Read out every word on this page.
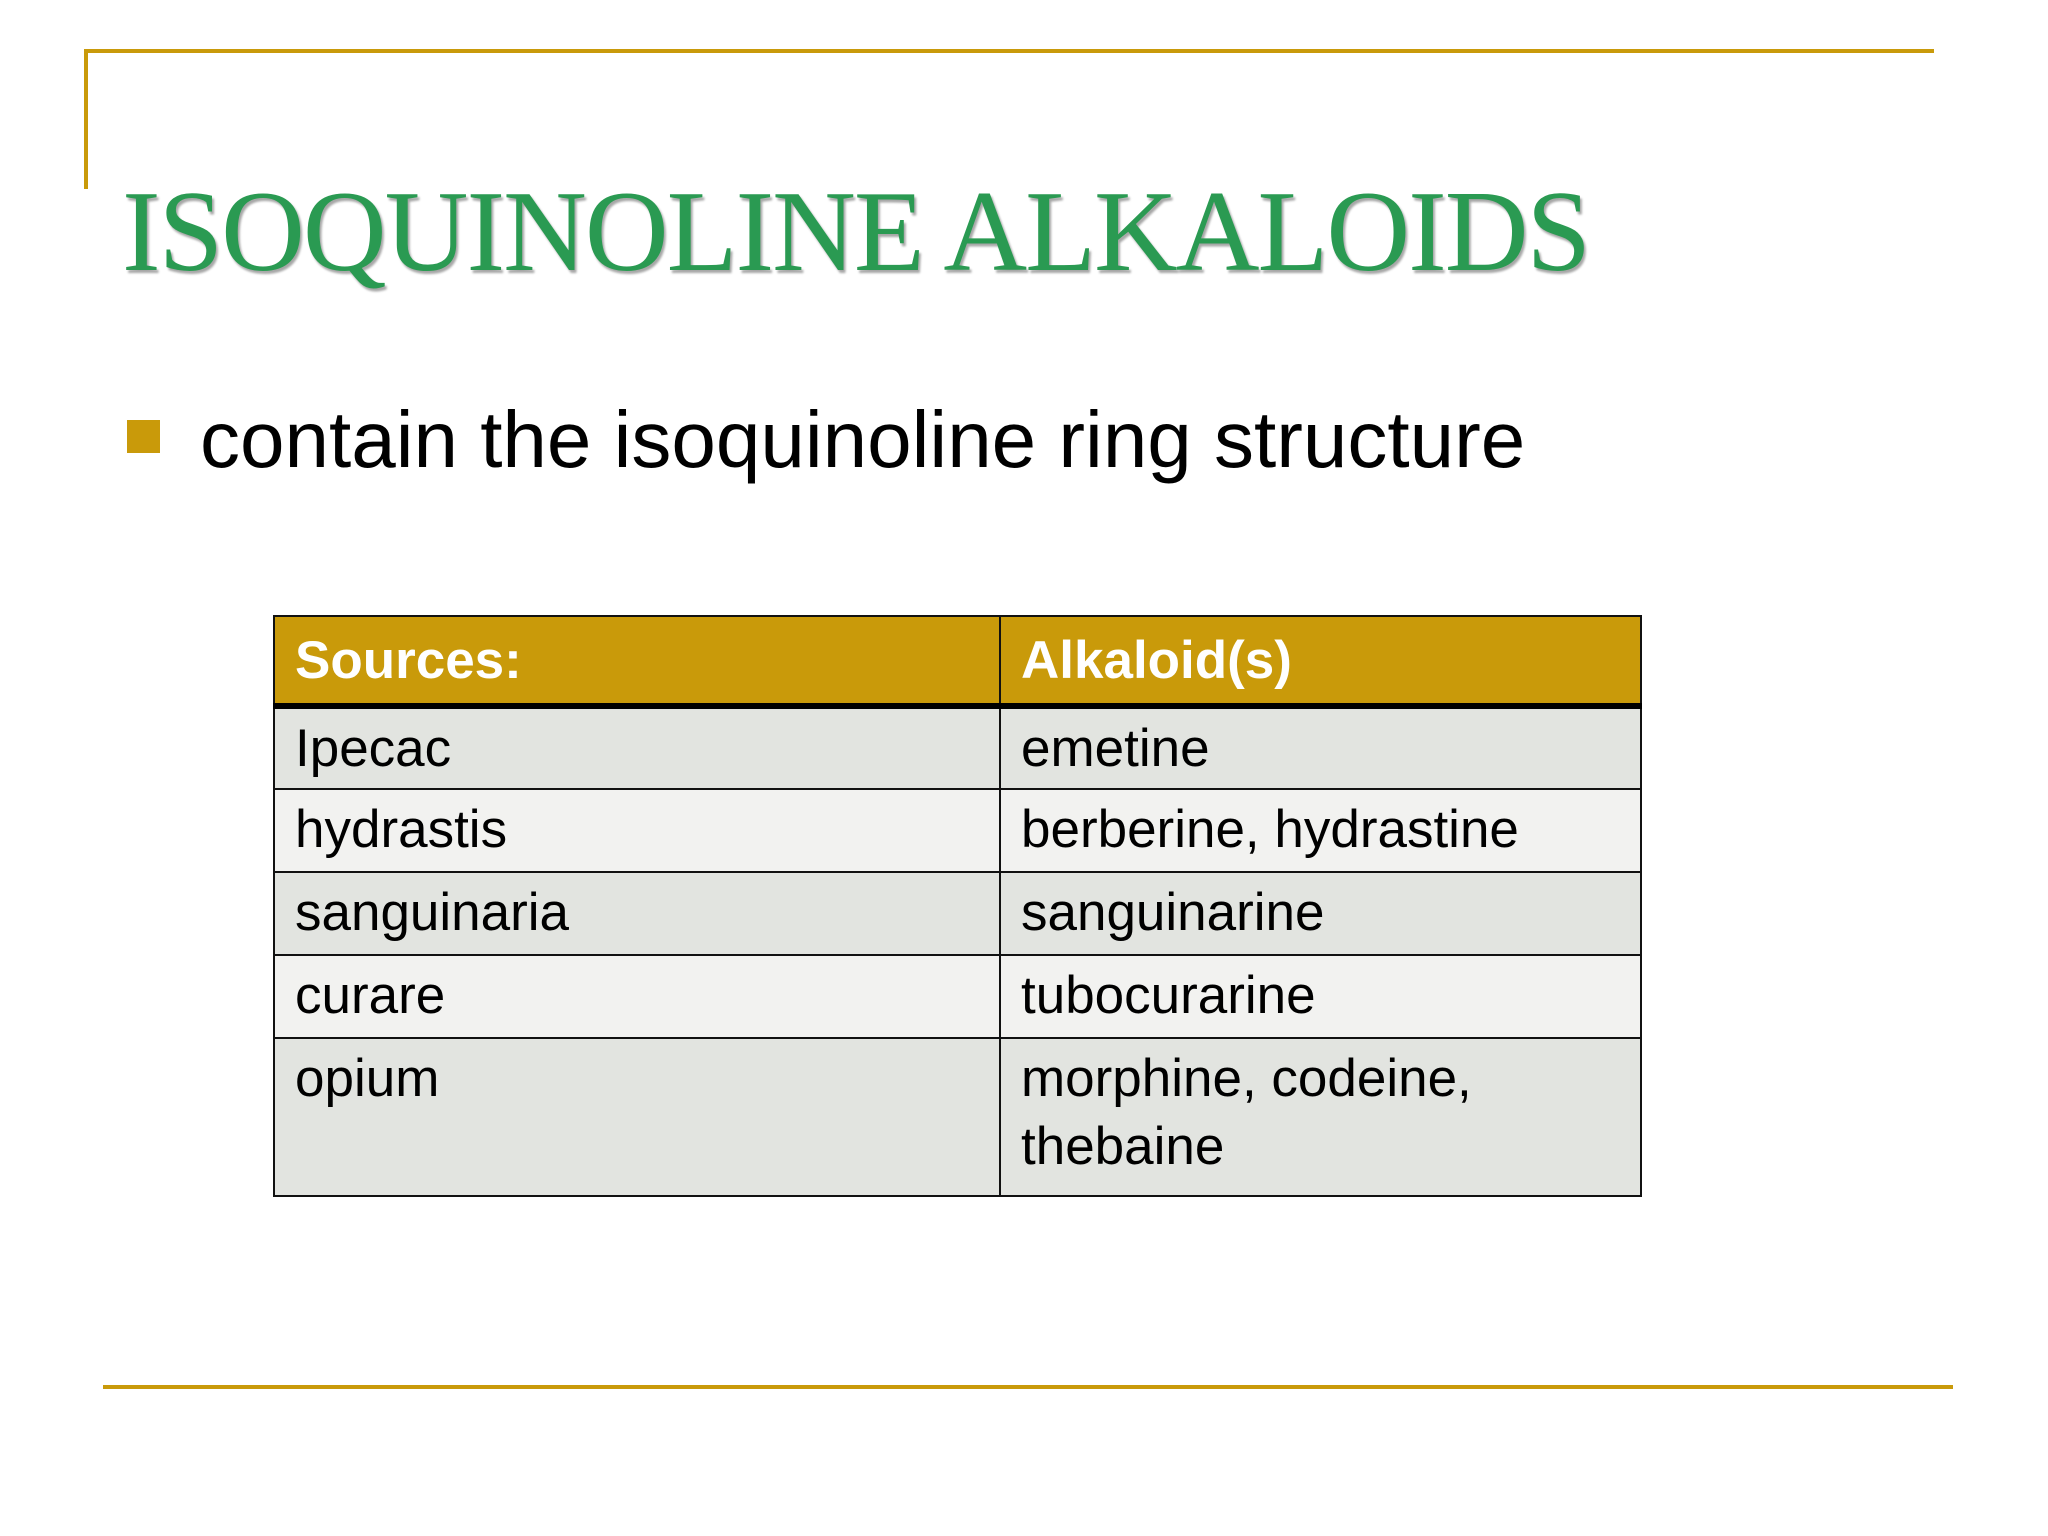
ISOQUINOLINE ALKALOIDS
contain the isoquinoline ring structure
Sources:	Alkaloid(s)
Ipecac	emetine
hydrastis	berberine, hydrastine
sanguinaria	sanguinarine
curare	tubocurarine
opium	morphine, codeine, thebaine
